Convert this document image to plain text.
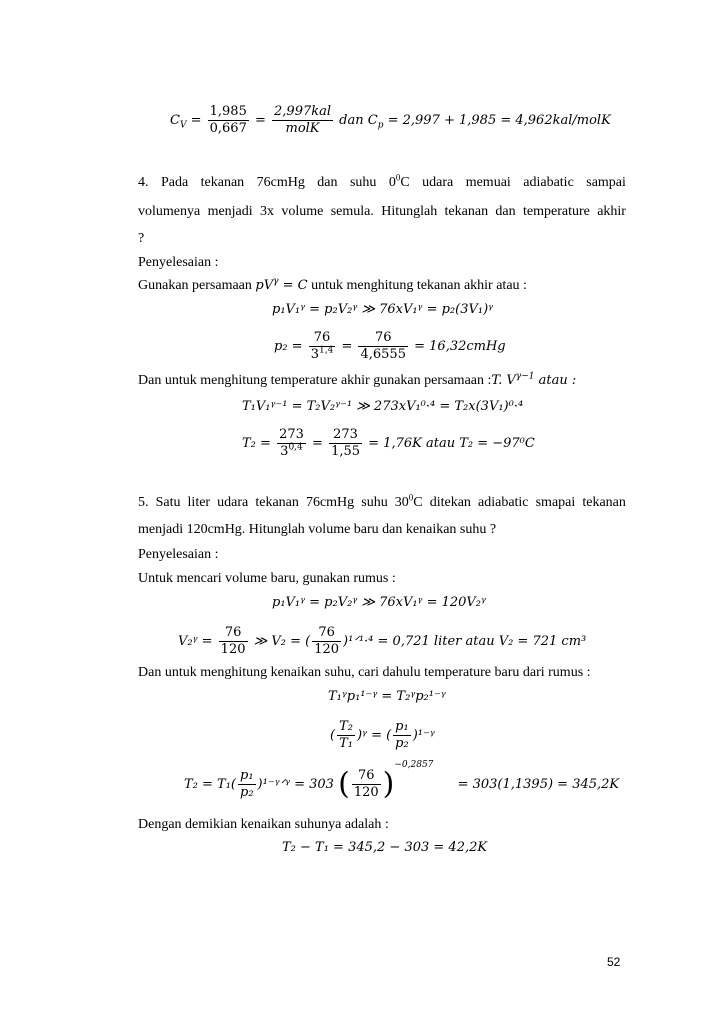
$C_V = \frac{1,985}{0,667} = \frac{\text{2,997kal}}{\text{molK}}$ dan $C_p = 2,997 + 1,985$ = 4,962kal/molK
4. Pada tekanan 76cmHg dan suhu $0^0C$ udara memuai adiabatic sampai
volumenya menjadi 3x volume semula. Hitunglah tekanan dan temperature akhir
?
Penyelesaian :
Gunakan persamaan $pV^\gamma = C$ untuk menghitung tekanan akhir atau :
p₁V₁ᵞ = p₂V₂ᵞ ≫ 76xV₁ᵞ = p₂(3V₁)ᵞ
$p_2 = \frac{76}{3^{1,4}} = \frac{76}{4,6555}$ = 16,32cmHg
Dan untuk menghitung temperature akhir gunakan persamaan :T. $V^{\gamma-1}$ atau :
T₁V₁ᵞ⁻¹ = T₂V₂ᵞ⁻¹ ≫ 273xV₁⁰·⁴ = T₂x(3V₁)⁰·⁴
$T_2 = \frac{273}{3^{0,4}} = \frac{273}{1,55} = 1,76K$ atau T₂ = −97⁰C
5. Satu liter udara tekanan 76cmHg suhu $30^0C$ ditekan adiabatic smapai tekanan
menjadi 120cmHg. Hitunglah volume baru dan kenaikan suhu ?
Penyelesaian :
Untuk mencari volume baru, gunakan rumus :
p₁V₁ᵞ = p₂V₂ᵞ ≫ 76xV₁ᵞ = 120V₂ᵞ
V₂ᵞ = $\frac{76}{120}$ ≫ V₂ = ( $\frac{76}{120}$ )¹ᐟ¹·⁴ = 0,721 liter atau V₂ = 721 cm³
Dan untuk menghitung kenaikan suhu, cari dahulu temperature baru dari rumus :
T₁ᵞp₁¹⁻ᵞ = T₂ᵞp₂¹⁻ᵞ
( $\frac{\text{T₂}}{\text{T₁}}$ )ᵞ = ( $\frac{\text{p₁}}{\text{p₂}}$ )¹⁻ᵞ
$T_2 = T_1( \frac{\text{p₁}}{\text{p₂}}$ )¹⁻ᵞᐟᵞ = 303 ( $\frac{76}{120} )^{-0,2857} = 303(1,1395) = 345,2K$
Dengan demikian kenaikan suhunya adalah :
T₂ − T₁ = 345,2 − 303 = 42,2K
52
